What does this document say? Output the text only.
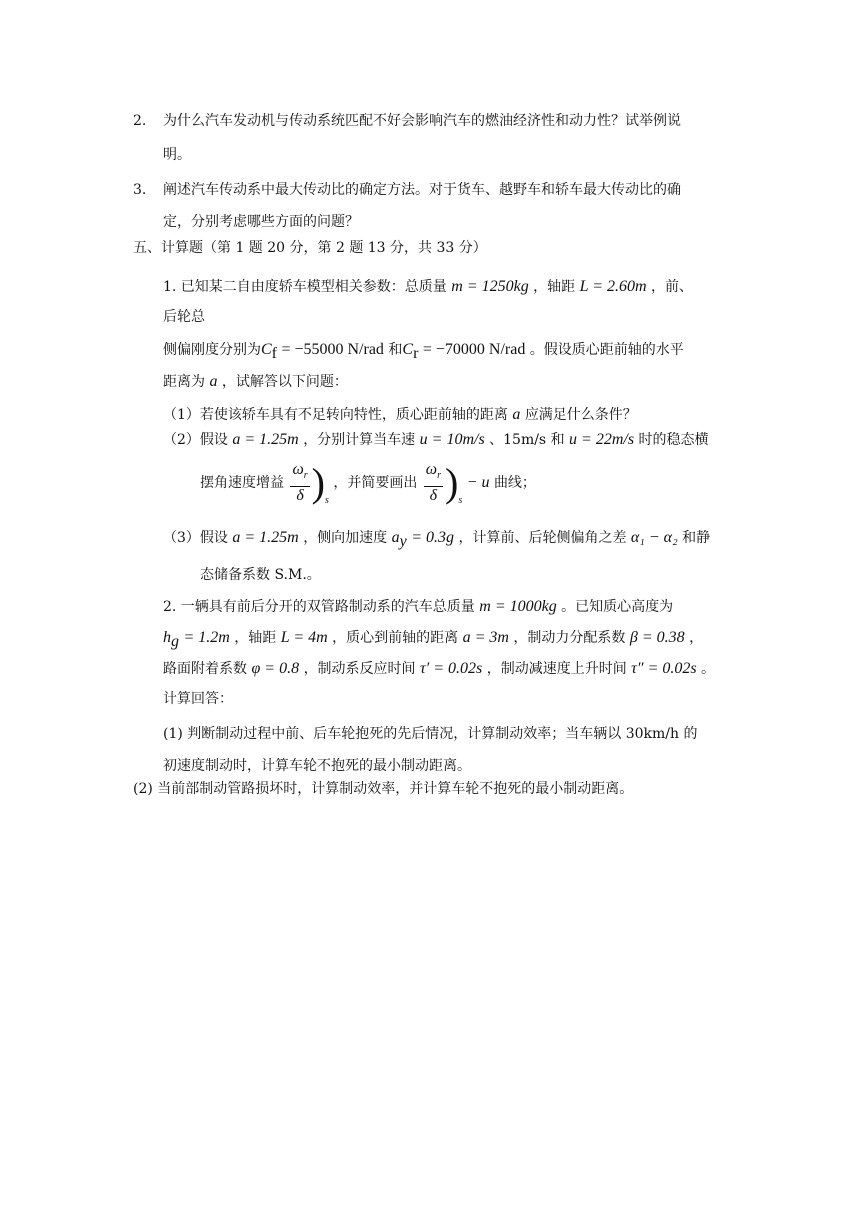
2. 为什么汽车发动机与传动系统匹配不好会影响汽车的燃油经济性和动力性？试举例说
明。
3. 阐述汽车传动系中最大传动比的确定方法。对于货车、越野车和轿车最大传动比的确
定，分别考虑哪些方面的问题？
五、计算题（第 1 题 20 分，第 2 题 13 分，共 33 分）
1. 已知某二自由度轿车模型相关参数：总质量 m = 1250kg ，轴距 L = 2.60m ，前、
后轮总
侧偏刚度分别为$C_f = -55000$ N/rad 和$C_r = -70000$ N/rad 。假设质心距前轴的水平
距离为 a ，试解答以下问题：
（1）若使该轿车具有不足转向特性，质心距前轴的距离 a 应满足什么条件？
（2）假设 a = 1.25m ，分别计算当车速 u = 10m/s 、15m/s 和 u = 22m/s 时的稳态横
摆角速度增益 $\frac{\omega_r}{\delta} )_s$ ，并简要画出 $\frac{\omega_r}{\delta} )_s - u$ 曲线；
（3）假设 a = 1.25m ，侧向加速度 $a_y = 0.3g$ ，计算前、后轮侧偏角之差 α₁ − α₂ 和静
态储备系数 S.M.。
2. 一辆具有前后分开的双管路制动系的汽车总质量 m = 1000kg 。已知质心高度为
$h_g = 1.2m$ ，轴距 L = 4m ，质心到前轴的距离 a = 3m ，制动力分配系数 β = 0.38 ，
路面附着系数 φ = 0.8 ，制动系反应时间 τ′ = 0.02s ，制动减速度上升时间 τ″ = 0.02s 。
计算回答：
(1) 判断制动过程中前、后车轮抱死的先后情况，计算制动效率；当车辆以 30km/h 的
初速度制动时，计算车轮不抱死的最小制动距离。
(2) 当前部制动管路损坏时，计算制动效率，并计算车轮不抱死的最小制动距离。
